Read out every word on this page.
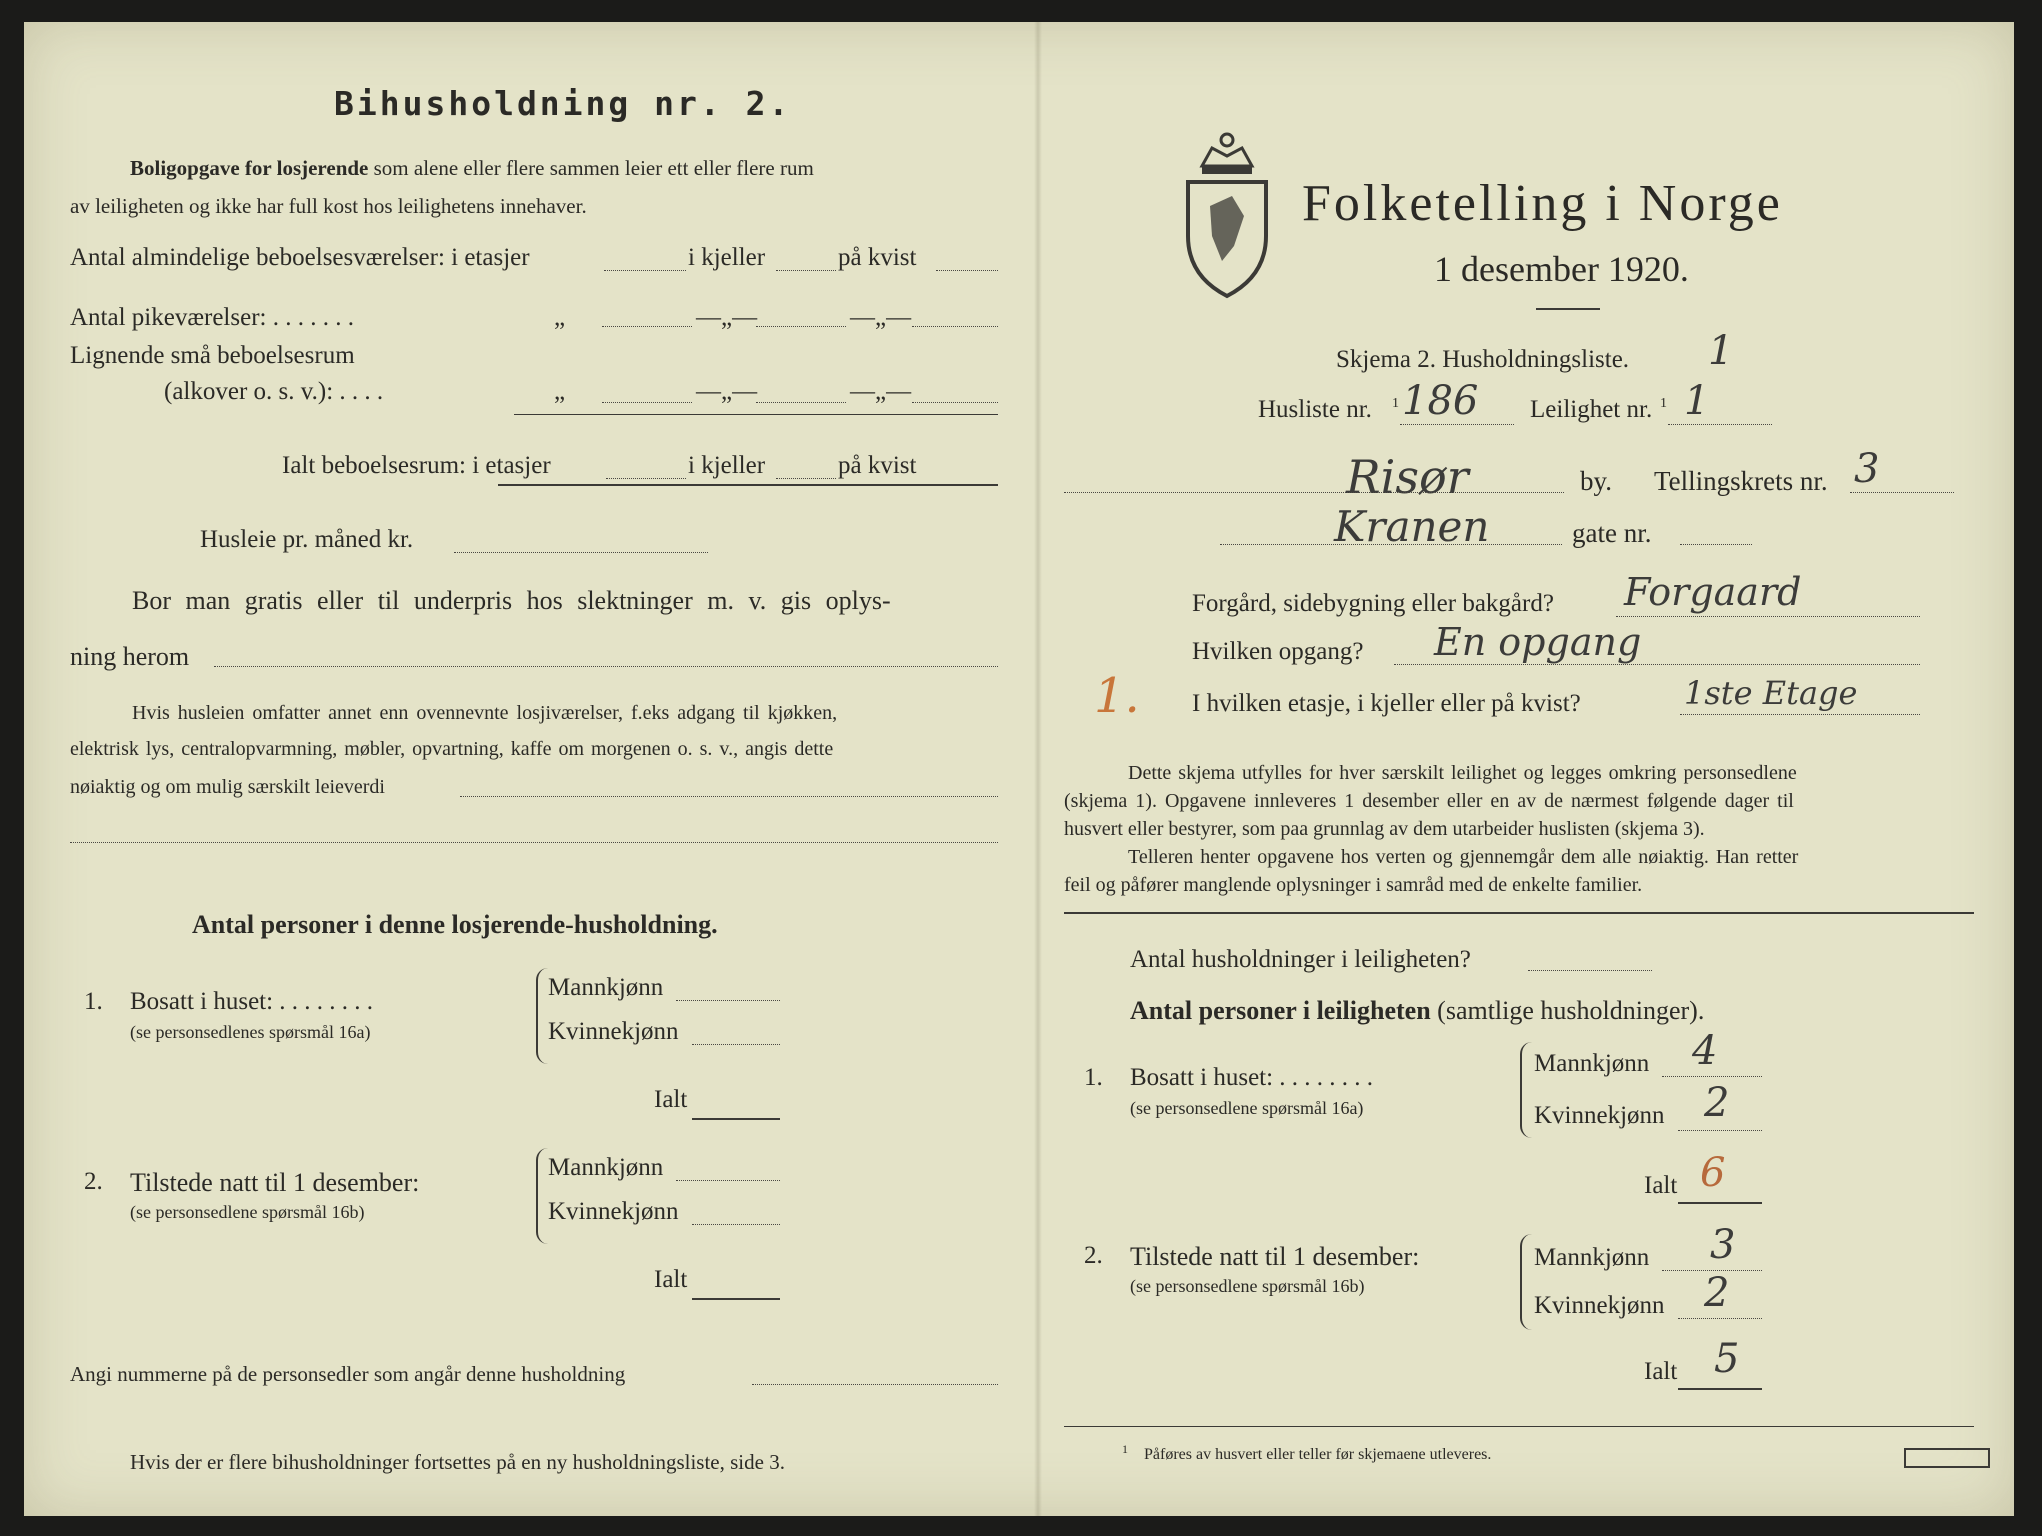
Bihusholdning nr. 2.
Boligopgave for losjerende som alene eller flere sammen leier ett eller flere rum
av leiligheten og ikke har full kost hos leilighetens innehaver.
Antal almindelige beboelsesværelser: i etasjer	i kjeller	på kvist
Antal pikeværelser: . . . . . . .	„	—„—	—„—
Lignende små beboelsesrum
(alkover o. s. v.): . . . .	„	—„—	—„—
Ialt beboelsesrum: i etasjer	i kjeller	på kvist
Husleie pr. måned kr.
Bor man gratis eller til underpris hos slektninger m. v. gis oplys-
ning herom
Hvis husleien omfatter annet enn ovennevnte losjiværelser, f.eks adgang til kjøkken,
elektrisk lys, centralopvarmning, møbler, opvartning, kaffe om morgenen o. s. v., angis dette
nøiaktig og om mulig særskilt leieverdi
Antal personer i denne losjerende-husholdning.
1. Bosatt i huset: . . . . . . . .
(se personsedlenes spørsmål 16a)
Mannkjønn
Kvinnekjønn
Ialt
2. Tilstede natt til 1 desember:
(se personsedlene spørsmål 16b)
Mannkjønn
Kvinnekjønn
Ialt
Angi nummerne på de personsedler som angår denne husholdning
Hvis der er flere bihusholdninger fortsettes på en ny husholdningsliste, side 3.
Folketelling i Norge
1 desember 1920.
Skjema 2. Husholdningsliste. 1
Husliste nr. 1 186 Leilighet nr. 1 1
Risør	by. Tellingskrets nr. 3
Kranen	gate nr.
Forgård, sidebygning eller bakgård? Forgaard
Hvilken opgang? En opgang
1. I hvilken etasje, i kjeller eller på kvist?	1ste Etage
Dette skjema utfylles for hver særskilt leilighet og legges omkring personsedlene
(skjema 1). Opgavene innleveres 1 desember eller en av de nærmest følgende dager til
husvert eller bestyrer, som paa grunnlag av dem utarbeider huslisten (skjema 3).
Telleren henter opgavene hos verten og gjennemgår dem alle nøiaktig. Han retter
feil og påfører manglende oplysninger i samråd med de enkelte familier.
Antal husholdninger i leiligheten?
Antal personer i leiligheten (samtlige husholdninger).
1. Bosatt i huset: . . . . . . . .
(se personsedlene spørsmål 16a)
Mannkjønn 4
Kvinnekjønn 2
Ialt 6
2. Tilstede natt til 1 desember:
(se personsedlene spørsmål 16b)
Mannkjønn 3
Kvinnekjønn 2
Ialt 5
1 Påføres av husvert eller teller før skjemaene utleveres.
